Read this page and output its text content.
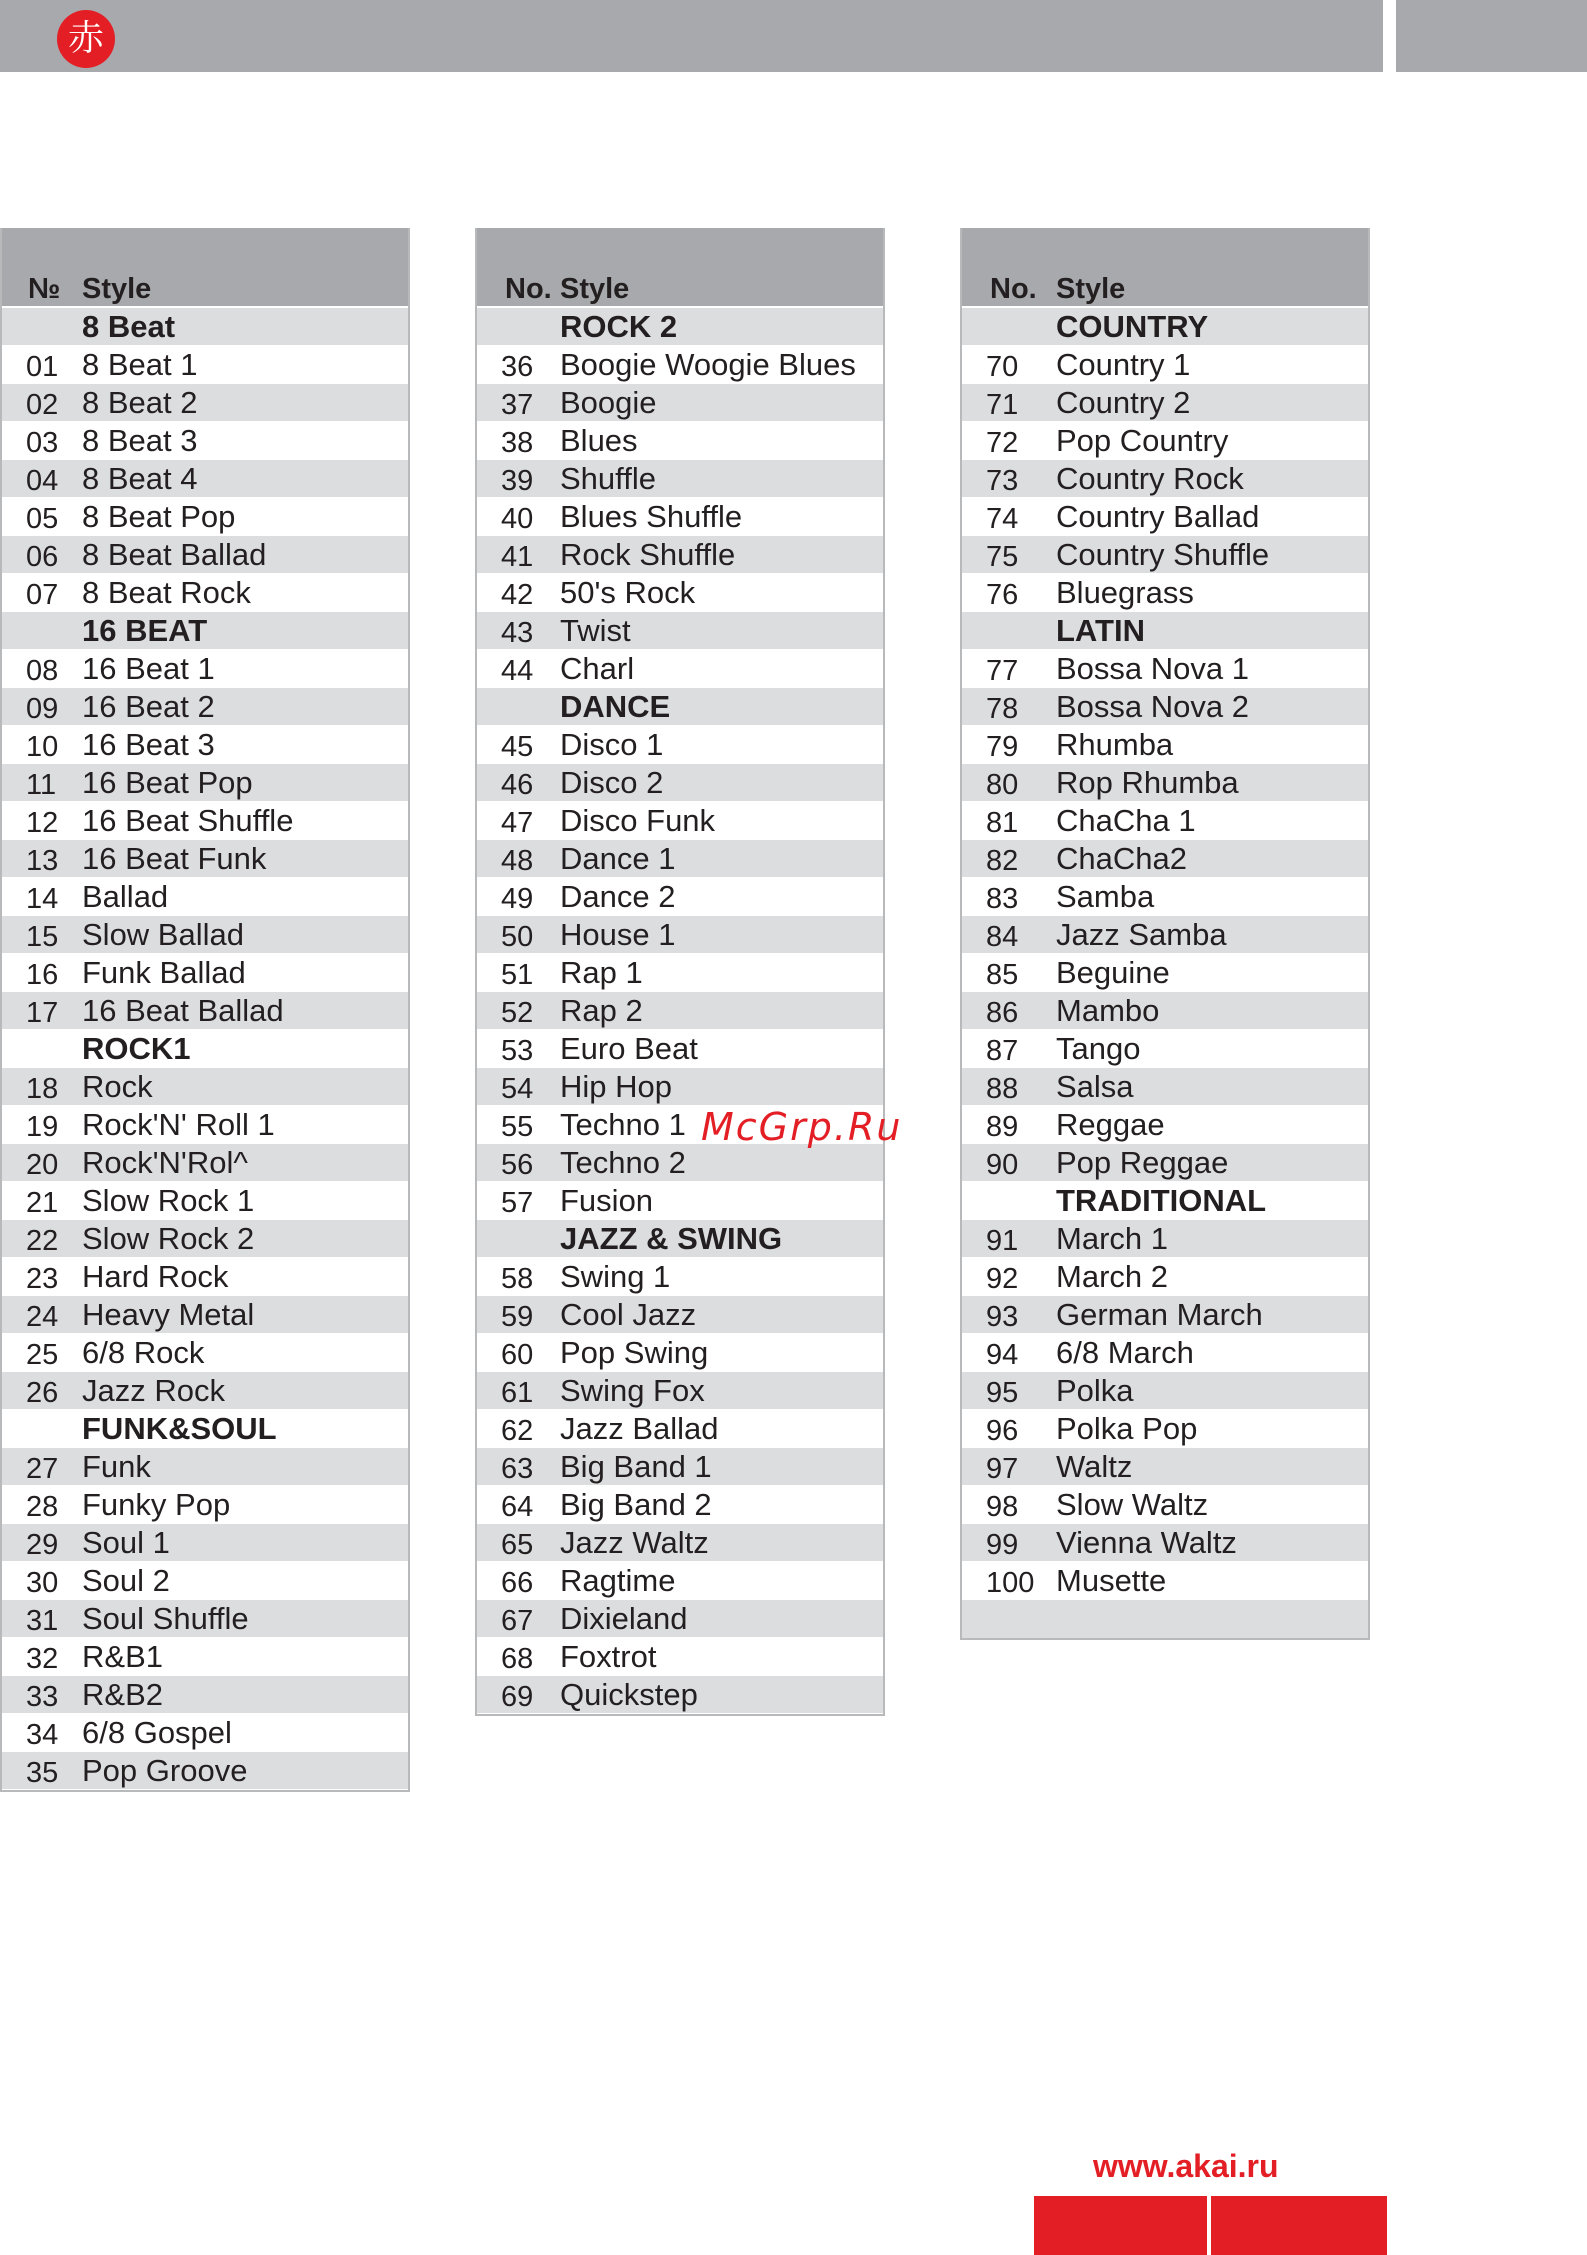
赤
№ Style
8 Beat
01 8 Beat 1
02 8 Beat 2
03 8 Beat 3
04 8 Beat 4
05 8 Beat Pop
06 8 Beat Ballad
07 8 Beat Rock
16 BEAT
08 16 Beat 1
09 16 Beat 2
10 16 Beat 3
11 16 Beat Pop
12 16 Beat Shuffle
13 16 Beat Funk
14 Ballad
15 Slow Ballad
16 Funk Ballad
17 16 Beat Ballad
ROCK1
18 Rock
19 Rock'N' Roll 1
20 Rock'N'Rol^
21 Slow Rock 1
22 Slow Rock 2
23 Hard Rock
24 Heavy Metal
25 6/8 Rock
26 Jazz Rock
FUNK&SOUL
27 Funk
28 Funky Pop
29 Soul 1
30 Soul 2
31 Soul Shuffle
32 R&B1
33 R&B2
34 6/8 Gospel
35 Pop Groove
No. Style
ROCK 2
36 Boogie Woogie Blues
37 Boogie
38 Blues
39 Shuffle
40 Blues Shuffle
41 Rock Shuffle
42 50's Rock
43 Twist
44 Charl
DANCE
45 Disco 1
46 Disco 2
47 Disco Funk
48 Dance 1
49 Dance 2
50 House 1
51 Rap 1
52 Rap 2
53 Euro Beat
54 Hip Hop
55 Techno 1
56 Techno 2
57 Fusion
JAZZ & SWING
58 Swing 1
59 Cool Jazz
60 Pop Swing
61 Swing Fox
62 Jazz Ballad
63 Big Band 1
64 Big Band 2
65 Jazz Waltz
66 Ragtime
67 Dixieland
68 Foxtrot
69 Quickstep
No. Style
COUNTRY
70 Country 1
71 Country 2
72 Pop Country
73 Country Rock
74 Country Ballad
75 Country Shuffle
76 Bluegrass
LATIN
77 Bossa Nova 1
78 Bossa Nova 2
79 Rhumba
80 Rop Rhumba
81 ChaCha 1
82 ChaCha2
83 Samba
84 Jazz Samba
85 Beguine
86 Mambo
87 Tango
88 Salsa
89 Reggae
90 Pop Reggae
TRADITIONAL
91 March 1
92 March 2
93 German March
94 6/8 March
95 Polka
96 Polka Pop
97 Waltz
98 Slow Waltz
99 Vienna Waltz
100 Musette
McGrp.Ru
www.akai.ru
